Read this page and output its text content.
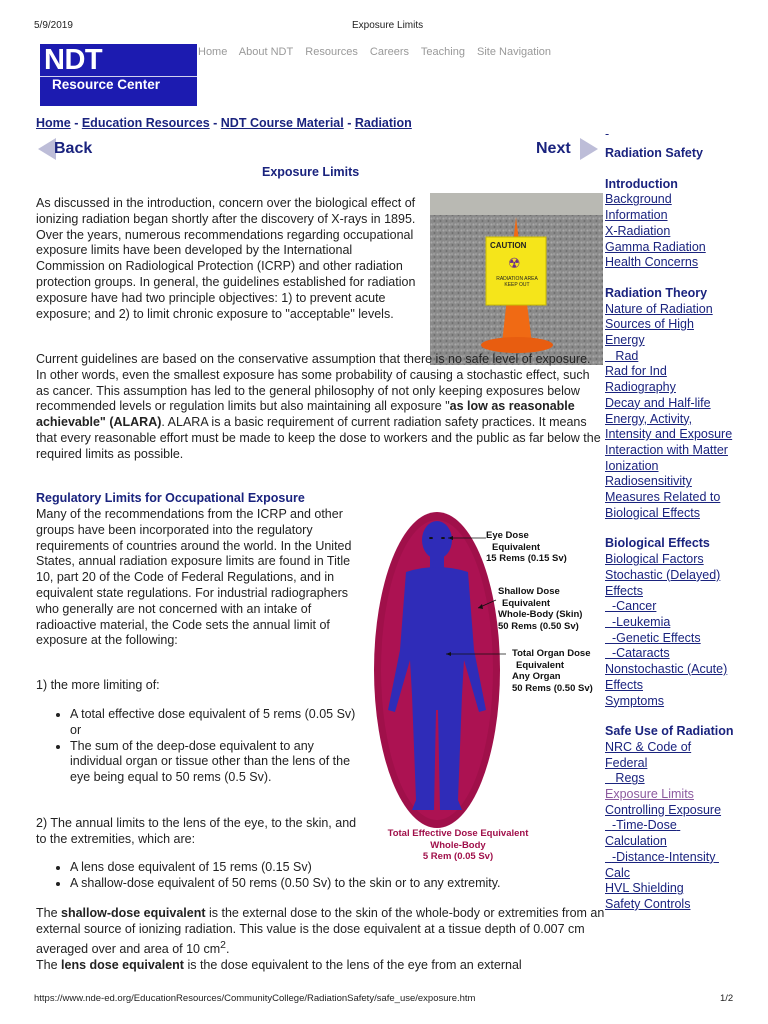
5/9/2019	Exposure Limits
NDT
Resource Center
Home About NDT Resources Careers Teaching Site Navigation
Home - Education Resources - NDT Course Material - Radiation
Back	Next
Exposure Limits
As discussed in the introduction, concern over the biological effect of ionizing radiation began shortly after the discovery of X-rays in 1895. Over the years, numerous recommendations regarding occupational exposure limits have been developed by the International Commission on Radiological Protection (ICRP) and other radiation protection groups. In general, the guidelines established for radiation exposure have had two principle objectives: 1) to prevent acute exposure; and 2) to limit chronic exposure to "acceptable" levels.
CAUTION
☢
RADIATION AREA KEEP OUT
Current guidelines are based on the conservative assumption that there is no safe level of exposure. In other words, even the smallest exposure has some probability of causing a stochastic effect, such as cancer. This assumption has led to the general philosophy of not only keeping exposures below recommended levels or regulation limits but also maintaining all exposure "as low as reasonable achievable" (ALARA). ALARA is a basic requirement of current radiation safety practices. It means that every reasonable effort must be made to keep the dose to workers and the public as far below the required limits as possible.
Regulatory Limits for Occupational Exposure
Many of the recommendations from the ICRP and other groups have been incorporated into the regulatory requirements of countries around the world. In the United States, annual radiation exposure limits are found in Title 10, part 20 of the Code of Federal Regulations, and in equivalent state regulations. For industrial radiographers who generally are not concerned with an intake of radioactive material, the Code sets the annual limit of exposure at the following:
1) the more limiting of:
• A total effective dose equivalent of 5 rems (0.05 Sv)
or
• The sum of the deep-dose equivalent to any individual organ or tissue other than the lens of the eye being equal to 50 rems (0.5 Sv).
2) The annual limits to the lens of the eye, to the skin, and to the extremities, which are:
• A lens dose equivalent of 15 rems (0.15 Sv)
• A shallow-dose equivalent of 50 rems (0.50 Sv) to the skin or to any extremity.
The shallow-dose equivalent is the external dose to the skin of the whole-body or extremities from an external source of ionizing radiation. This value is the dose equivalent at a tissue depth of 0.007 cm averaged over and area of 10 $cm^2$.
The lens dose equivalent is the dose equivalent to the lens of the eye from an external
Eye Dose
Equivalent
15 Rems (0.15 Sv)
Shallow Dose
Equivalent
Whole-Body (Skin)
50 Rems (0.50 Sv)
Total Organ Dose
Equivalent
Any Organ
50 Rems (0.50 Sv)
Total Effective Dose Equivalent
Whole-Body
5 Rem (0.05 Sv)
-
Radiation Safety
Introduction
Background Information
X-Radiation
Gamma Radiation
Health Concerns
Radiation Theory
Nature of Radiation
Sources of High Energy
Rad
Rad for Ind Radiography
Decay and Half-life
Energy, Activity, Intensity and Exposure
Interaction with Matter
Ionization
Radiosensitivity
Measures Related to Biological Effects
Biological Effects
Biological Factors
Stochastic (Delayed) Effects
-Cancer
-Leukemia
-Genetic Effects
-Cataracts
Nonstochastic (Acute) Effects
Symptoms
Safe Use of Radiation
NRC & Code of Federal
Regs
Exposure Limits
Controlling Exposure
-Time-Dose Calculation
-Distance-Intensity Calc
HVL Shielding
Safety Controls
https://www.nde-ed.org/EducationResources/CommunityCollege/RadiationSafety/safe_use/exposure.htm	1/2
